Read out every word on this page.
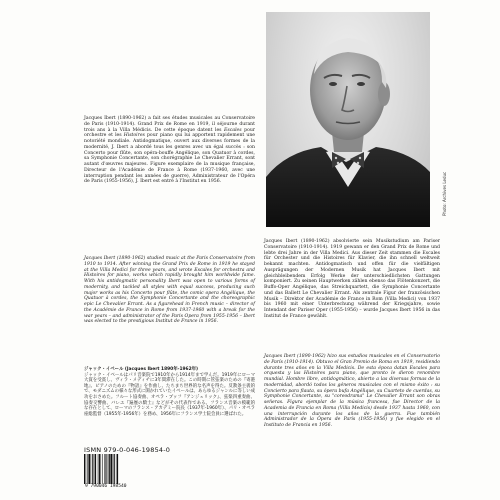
Jacques Ibert (1890-1962) a fait ses études musicales au Conservatoire de Paris (1910-1914). Grand Prix de Rome en 1919, il séjourne durant trois ans à la Villa Médicis. De cette époque datent les Escales pour orchestre et les Histoires pour piano qui lui apportent rapidement une notoriété mondiale. Antidogmatique, ouvert aux diverses formes de la modernité, J. Ibert a abordé tous les genres avec un égal succès : son Concerto pour flûte, son opéra-bouffe Angélique, son Quatuor à cordes, sa Symphonie Concertante, son chorégraphie Le Chevalier Errant, sont autant d'œuvres majeures. Figure exemplaire de la musique française, Directeur de l'Académie de France à Rome (1937-1960, avec une interruption pendant les années de guerre), Administrateur de l'Opéra de Paris (1955-1956), J. Ibert est entré à l'Institut en 1956.

Jacques Ibert (1890-1962) studied music at the Paris Conservatoire from 1910 to 1914. After winning the Grand Prix de Rome in 1919 he stayed at the Villa Medici for three years, and wrote Escales for orchestra and Histoires for piano, works which rapidly brought him worldwide fame. With his antidogmatic personality Ibert was open to various forms of modernity, and tackled all styles with equal success, producing such major works as his Concerto pour flûte, the comic opera Angélique, the Quatuor à cordes, the Symphonie Concertante and the choreographic epic Le Chevalier Errant. As a figurehead in French music – director of the Académie de France in Rome from 1937-1960 with a break for the war years – and administrator of the Paris Opera from 1955-1956 – Ibert was elected to the prestigious Institut de France in 1956.

ジャック・イベール (Jacques Ibert 1890年-1962年)

ジャック・イベールはパリ音楽院で1910年から1914年まで学んだ。1919年にローマ大賞を受賞し、ヴィラ・メディチに3年間滞在した。この時期に管弦楽のための『寄港地』、ピアノのための『物語』を作曲し、たちまち世界的な名声を得た。反教条主義的で、モダニズムの様々な形式に開かれていたイベールは、あらゆるジャンルに等しい成功をおさめた。フルート協奏曲、オペラ・ブッフ『アンジェリック』、弦楽四重奏曲、協奏交響曲、バレエ『遍歴の騎士』などがその代表作である。フランス音楽の模範的な存在として、ローマのフランス・アカデミー院長（1937年-1960年）、パリ・オペラ座総監督（1955年-1956年）を務め、1956年にフランス学士院会員に選ばれた。

Jacques Ibert (1890-1962) absolvierte sein Musikstudium am Pariser Conservatoire (1910-1914). 1919 gewann er den Grand Prix de Rome und lebte drei Jahre in der Villa Medici. Aus dieser Zeit stammen die Escales für Orchester und die Histoires für Klavier, die ihn schnell weltweit bekannt machten. Antidogmatisch und offen für die vielfältigen Ausprägungen der Modernen Musik hat Jacques Ibert mit gleichbleibendem Erfolg Werke der unterschiedlichsten Gattungen komponiert. Zu seinen Hauptwerken zählen ebenso das Flötenkonzert, die Buffo-Oper Angélique, das Streichquartett, die Symphonie Concertante und das Ballett Le Chevalier Errant. Als zentrale Figur der französischen Musik – Direktor der Académie de France in Rom (Villa Medici) von 1937 bis 1960 mit einer Unterbrechung während der Kriegsjahre, sowie Intendant der Pariser Oper (1955-1956) – wurde Jacques Ibert 1956 in das Institut de France gewählt.

Jacques Ibert (1890-1962) hizo sus estudios musicales en el Conservatorio de París (1910-1914). Obtuvo el Gran Premio de Roma en 1919, residiendo durante tres años en la Villa Medicis. De esta época datan Escales para orquesta y las Histoires para piano, que pronto le dieron renombre mundial. Hombre libre, antidogmático, abierto a las diversas formas de la modernidad, abordó todos los géneros musicales con el mismo éxito : su Concierto para flauta, su ópera bufa Angélique, su Cuarteto de cuerdas, su Symphonie Concertante, su "coreodrama" Le Chevalier Errant son obras señeras. Figura ejemplar de la música francesa, fue Director de la Academia de Francia en Roma (Villa Medicis) desde 1937 hasta 1960, con una interrupción durante los años de la guerra. Fue también Administrador de la Ópera de París (1955-1956) y fue elegido en el Instituto de Francia en 1956.

Photo: Archives Leduc
ISMN 979-0-046-19854-0
9 790046 198540
